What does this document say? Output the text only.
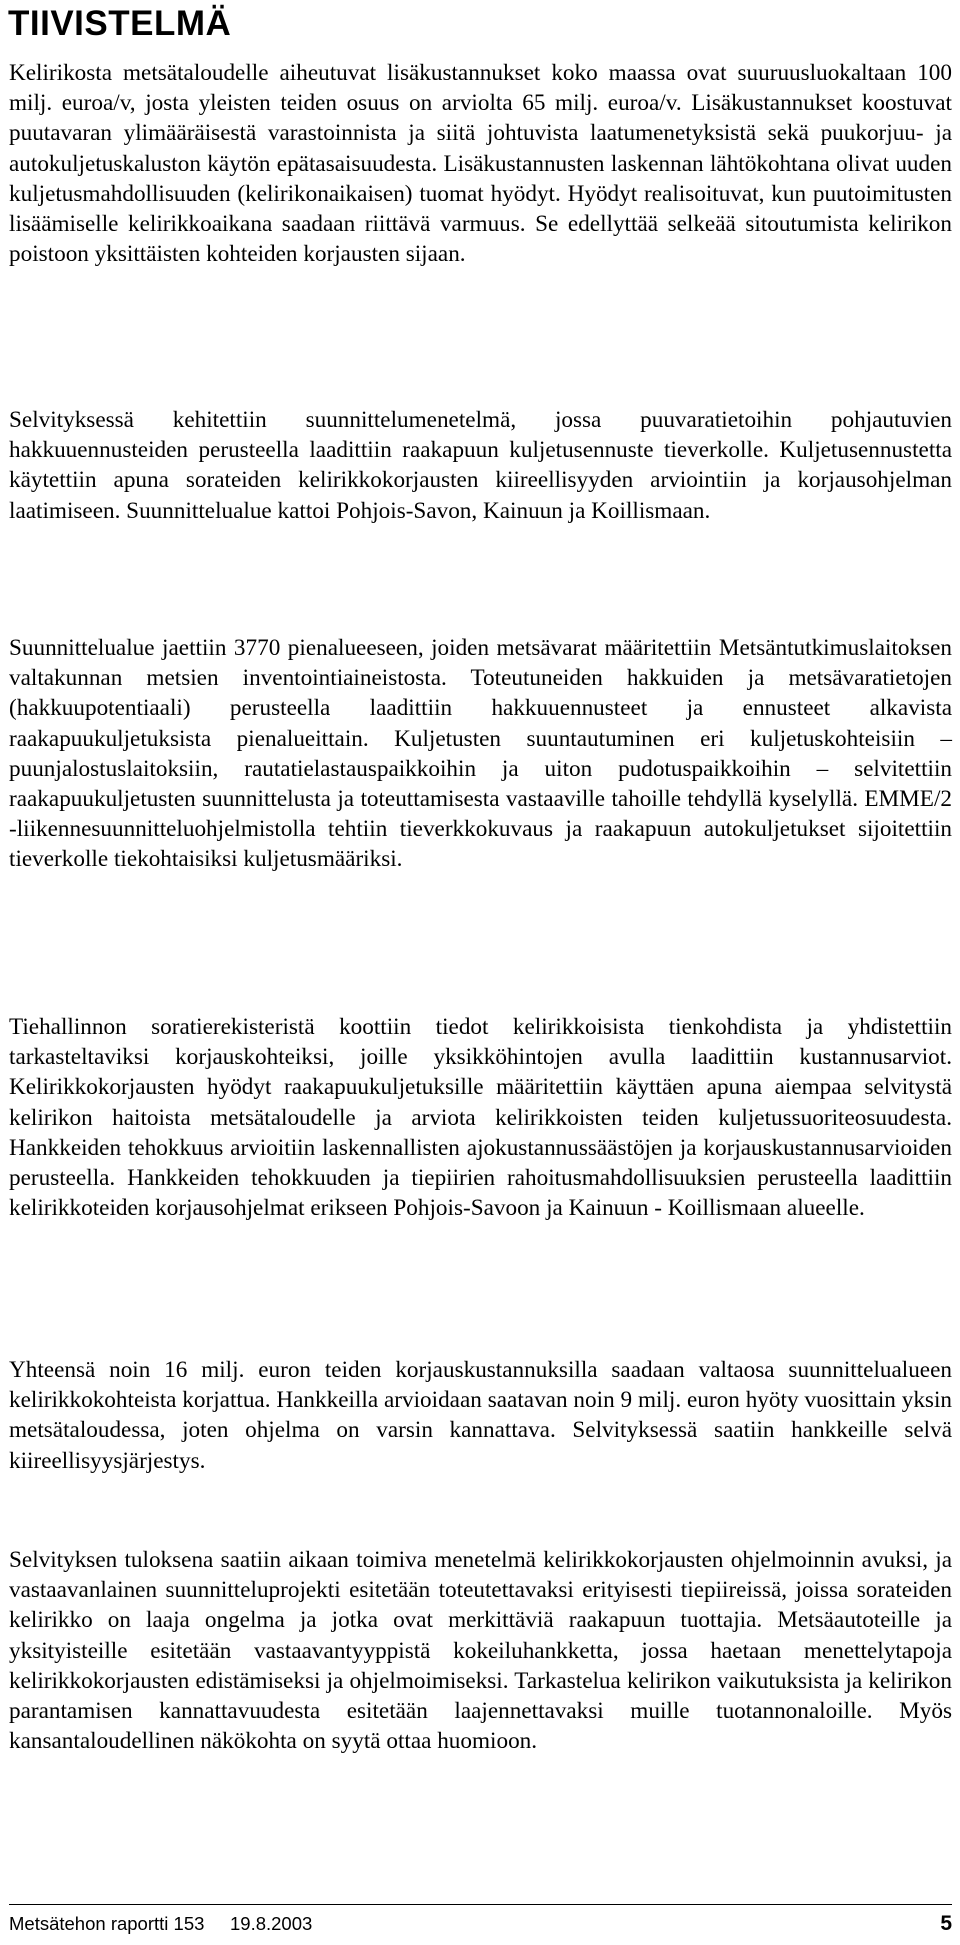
TIIVISTELMÄ

Kelirikosta metsätaloudelle aiheutuvat lisäkustannukset koko maassa ovat suuruusluokaltaan 100 milj. euroa/v, josta yleisten teiden osuus on arviolta 65 milj. euroa/v. Lisäkustannukset koostuvat puutavaran ylimääräisestä varastoinnista ja siitä johtuvista laatumenetyksistä sekä puukorjuu- ja autokuljetuskaluston käytön epätasaisuudesta. Lisäkustannusten laskennan lähtökohtana olivat uuden kuljetusmahdollisuuden (kelirikonaikaisen) tuomat hyödyt. Hyödyt realisoituvat, kun puutoimitusten lisäämiselle kelirikkoaikana saadaan riittävä varmuus. Se edellyttää selkeää sitoutumista kelirikon poistoon yksittäisten kohteiden korjausten sijaan.

Selvityksessä kehitettiin suunnittelumenetelmä, jossa puuvaratietoihin pohjautuvien hakkuuennusteiden perusteella laadittiin raakapuun kuljetusennuste tieverkolle. Kuljetusennustetta käytettiin apuna sorateiden kelirikkokorjausten kiireellisyyden arviointiin ja korjausohjelman laatimiseen. Suunnittelualue kattoi Pohjois-Savon, Kainuun ja Koillismaan.

Suunnittelualue jaettiin 3770 pienalueeseen, joiden metsävarat määritettiin Metsäntutkimuslaitoksen valtakunnan metsien inventointiaineistosta. Toteutuneiden hakkuiden ja metsävaratietojen (hakkuupotentiaali) perusteella laadittiin hakkuuennusteet ja ennusteet alkavista raakapuukuljetuksista pienalueittain. Kuljetusten suuntautuminen eri kuljetuskohteisiin – puunjalostuslaitoksiin, rautatielastauspaikkoihin ja uiton pudotuspaikkoihin – selvitettiin raakapuukuljetusten suunnittelusta ja toteuttamisesta vastaaville tahoille tehdyllä kyselyllä. EMME/2 -liikennesuunnitteluohjelmistolla tehtiin tieverkkokuvaus ja raakapuun autokuljetukset sijoitettiin tieverkolle tiekohtaisiksi kuljetusmääriksi.

Tiehallinnon soratierekisteristä koottiin tiedot kelirikkoisista tienkohdista ja yhdistettiin tarkasteltaviksi korjauskohteiksi, joille yksikköhintojen avulla laadittiin kustannusarviot. Kelirikkokorjausten hyödyt raakapuukuljetuksille määritettiin käyttäen apuna aiempaa selvitystä kelirikon haitoista metsätaloudelle ja arviota kelirikkoisten teiden kuljetussuoriteosuudesta. Hankkeiden tehokkuus arvioitiin laskennallisten ajokustannussäästöjen ja korjauskustannusarvioiden perusteella. Hankkeiden tehokkuuden ja tiepiirien rahoitusmahdollisuuksien perusteella laadittiin kelirikkoteiden korjausohjelmat erikseen Pohjois-Savoon ja Kainuun - Koillismaan alueelle.

Yhteensä noin 16 milj. euron teiden korjauskustannuksilla saadaan valtaosa suunnittelualueen kelirikkokohteista korjattua. Hankkeilla arvioidaan saatavan noin 9 milj. euron hyöty vuosittain yksin metsätaloudessa, joten ohjelma on varsin kannattava. Selvityksessä saatiin hankkeille selvä kiireellisyysjärjestys.

Selvityksen tuloksena saatiin aikaan toimiva menetelmä kelirikkokorjausten ohjelmoinnin avuksi, ja vastaavanlainen suunnitteluprojekti esitetään toteutettavaksi erityisesti tiepiireissä, joissa sorateiden kelirikko on laaja ongelma ja jotka ovat merkittäviä raakapuun tuottajia. Metsäautoteille ja yksityisteille esitetään vastaavantyyppistä kokeiluhankketta, jossa haetaan menettelytapoja kelirikkokorjausten edistämiseksi ja ohjelmoimiseksi. Tarkastelua kelirikon vaikutuksista ja kelirikon parantamisen kannattavuudesta esitetään laajennettavaksi muille tuotannonaloille. Myös kansantaloudellinen näkökohta on syytä ottaa huomioon.

Metsätehon raportti 153 19.8.2003	5
